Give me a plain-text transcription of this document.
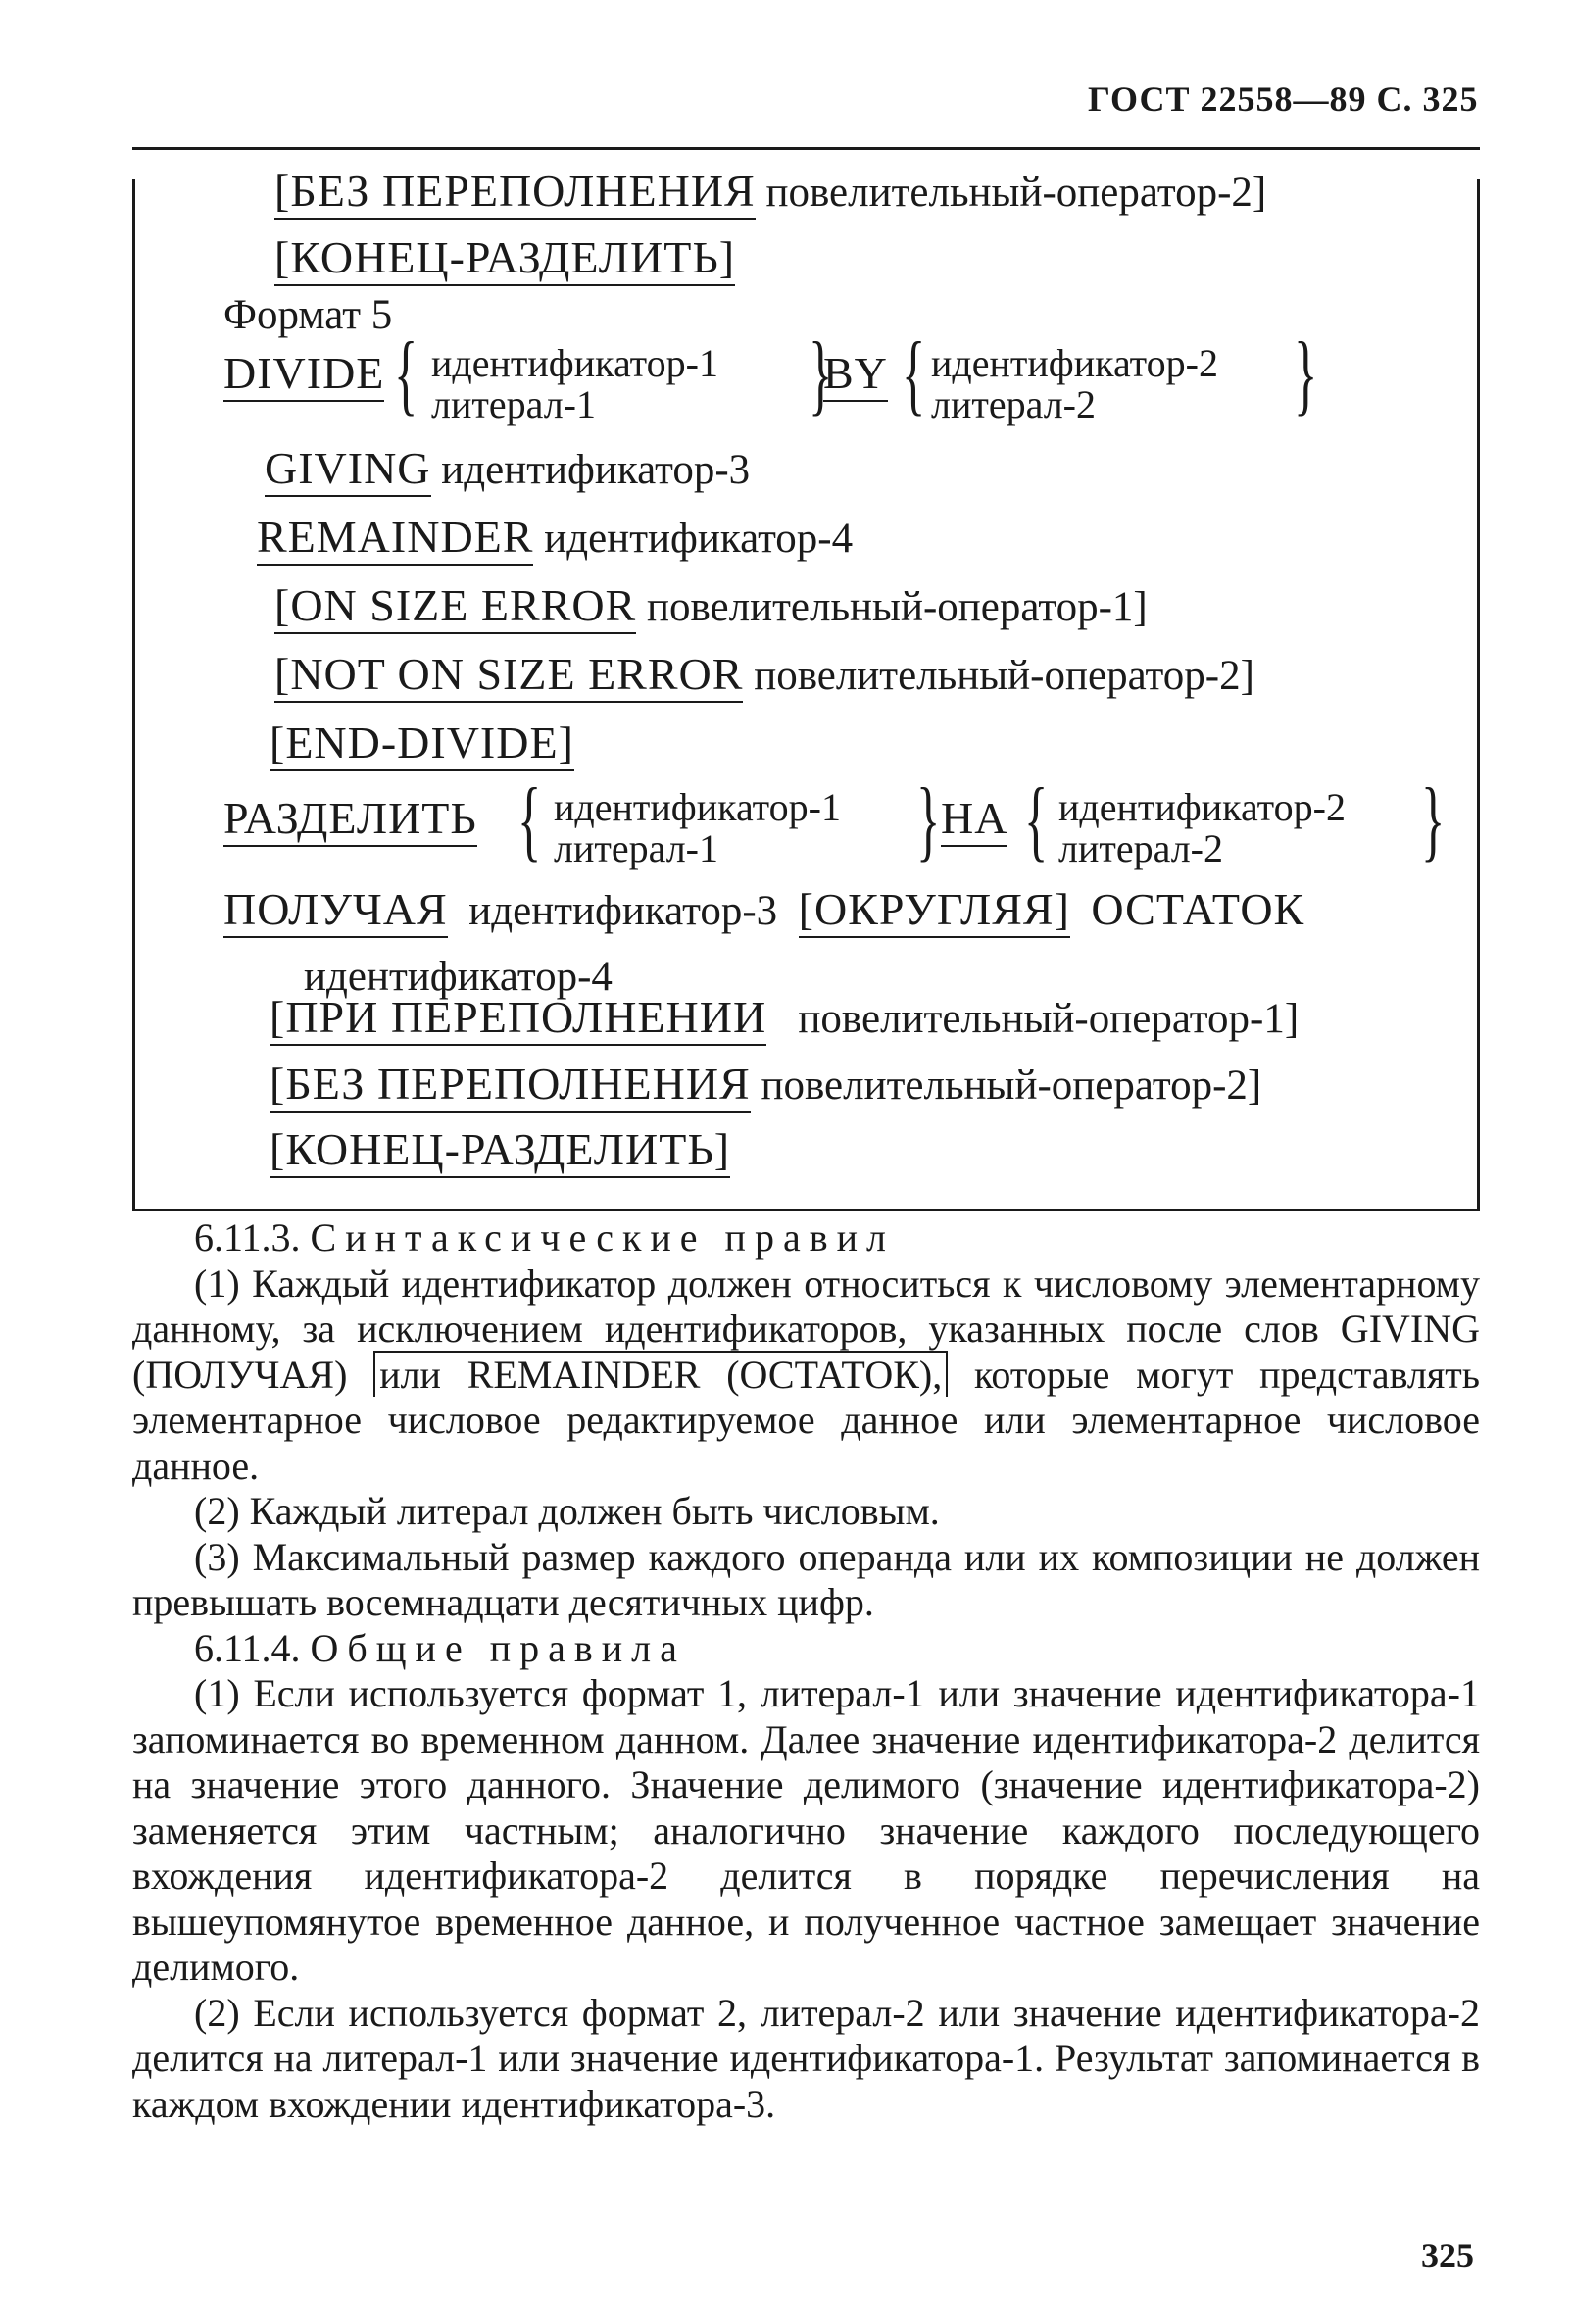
ГОСТ 22558—89 С. 325
[БЕЗ ПЕРЕПОЛНЕНИЯ повелительный-оператор-2]
[КОНЕЦ-РАЗДЕЛИТЬ]
Формат 5
DIVIDE { идентификатор-1
литерал-1	}
BY { идентификатор-2
литерал-2	}
GIVING идентификатор-3
REMAINDER идентификатор-4
[ON SIZE ERROR повелительный-оператор-1]
[NOT ON SIZE ERROR повелительный-оператор-2]
[END-DIVIDE]
РАЗДЕЛИТЬ { идентификатор-1
литерал-1	} НА { идентификатор-2
литерал-2	}
ПОЛУЧАЯ идентификатор-3 [ОКРУГЛЯЯ] ОСТАТОК
идентификатор-4
[ПРИ ПЕРЕПОЛНЕНИИ повелительный-оператор-1]
[БЕЗ ПЕРЕПОЛНЕНИЯ повелительный-оператор-2]
[КОНЕЦ-РАЗДЕЛИТЬ]

6.11.3. Синтаксические правил

(1) Каждый идентификатор должен относиться к числовому элементарному данному, за исключением идентификаторов, указанных после слов GIVING (ПОЛУЧАЯ) или REMAINDER (ОСТАТОК), которые могут представлять элементарное числовое редактируемое данное или элементарное числовое данное.

(2) Каждый литерал должен быть числовым.

(3) Максимальный размер каждого операнда или их композиции не должен превышать восемнадцати десятичных цифр.

6.11.4. Общие правила

(1) Если используется формат 1, литерал-1 или значение идентификатора-1 запоминается во временном данном. Далее значение идентификатора-2 делится на значение этого данного. Значение делимого (значение идентификатора-2) заменяется этим частным; аналогично значение каждого последующего вхождения идентификатора-2 делится в порядке перечисления на вышеупомянутое временное данное, и полученное частное замещает значение делимого.

(2) Если используется формат 2, литерал-2 или значение идентификатора-2 делится на литерал-1 или значение идентификатора-1. Результат запоминается в каждом вхождении идентификатора-3.

325
